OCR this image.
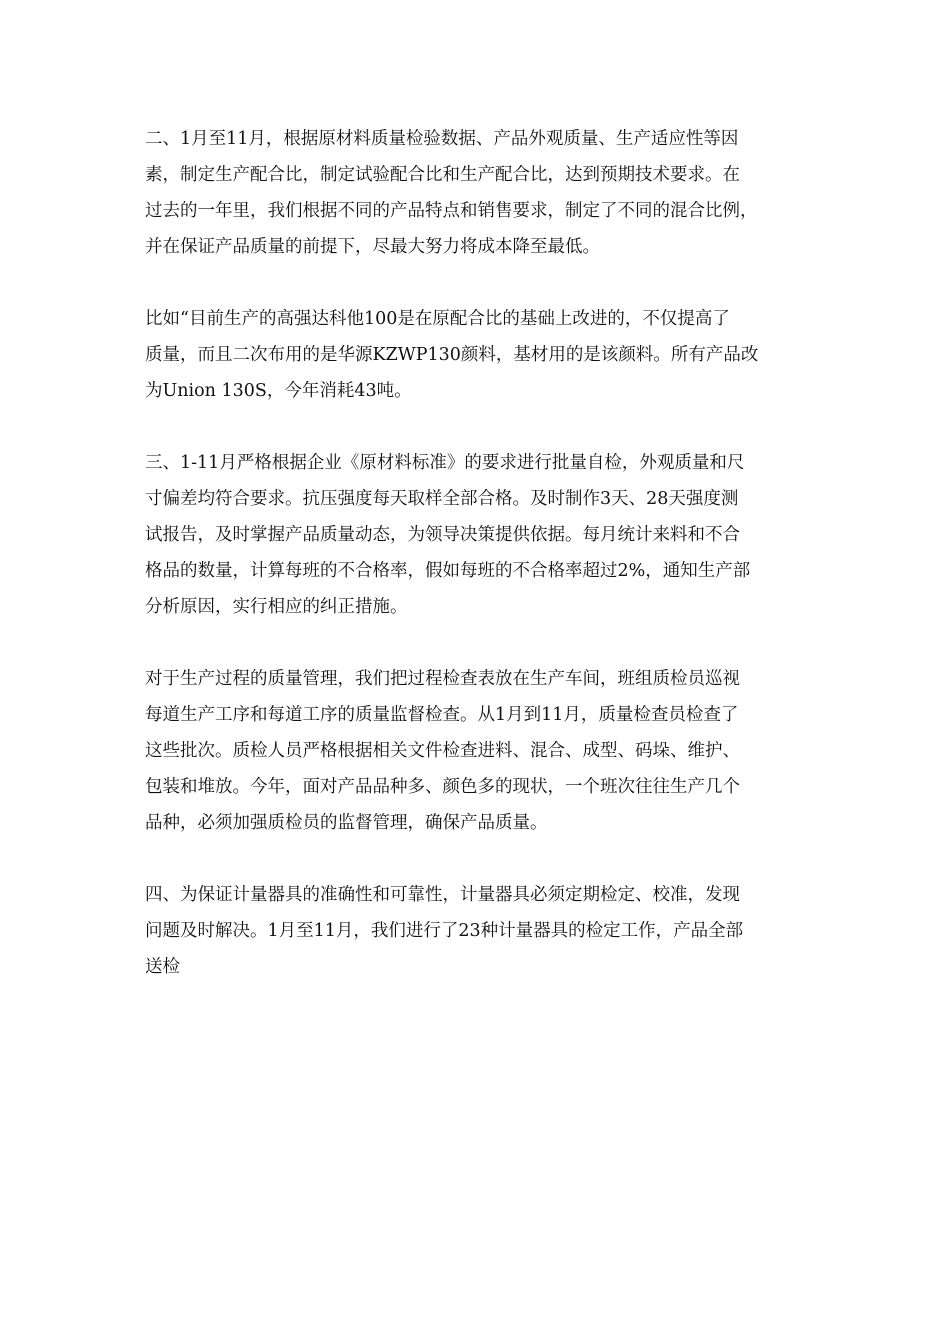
二、1月至11月，根据原材料质量检验数据、产品外观质量、生产适应性等因
素，制定生产配合比，制定试验配合比和生产配合比，达到预期技术要求。在
过去的一年里，我们根据不同的产品特点和销售要求，制定了不同的混合比例，
并在保证产品质量的前提下，尽最大努力将成本降至最低。

比如“目前生产的高强达科他100是在原配合比的基础上改进的，不仅提高了
质量，而且二次布用的是华源KZWP130颜料，基材用的是该颜料。所有产品改
为Union 130S，今年消耗43吨。

三、1-11月严格根据企业《原材料标准》的要求进行批量自检，外观质量和尺
寸偏差均符合要求。抗压强度每天取样全部合格。及时制作3天、28天强度测
试报告，及时掌握产品质量动态，为领导决策提供依据。每月统计来料和不合
格品的数量，计算每班的不合格率，假如每班的不合格率超过2%，通知生产部
分析原因，实行相应的纠正措施。

对于生产过程的质量管理，我们把过程检查表放在生产车间，班组质检员巡视
每道生产工序和每道工序的质量监督检查。从1月到11月，质量检查员检查了
这些批次。质检人员严格根据相关文件检查进料、混合、成型、码垛、维护、
包装和堆放。今年，面对产品品种多、颜色多的现状，一个班次往往生产几个
品种，必须加强质检员的监督管理，确保产品质量。

四、为保证计量器具的准确性和可靠性，计量器具必须定期检定、校准，发现
问题及时解决。1月至11月，我们进行了23种计量器具的检定工作，产品全部
送检
